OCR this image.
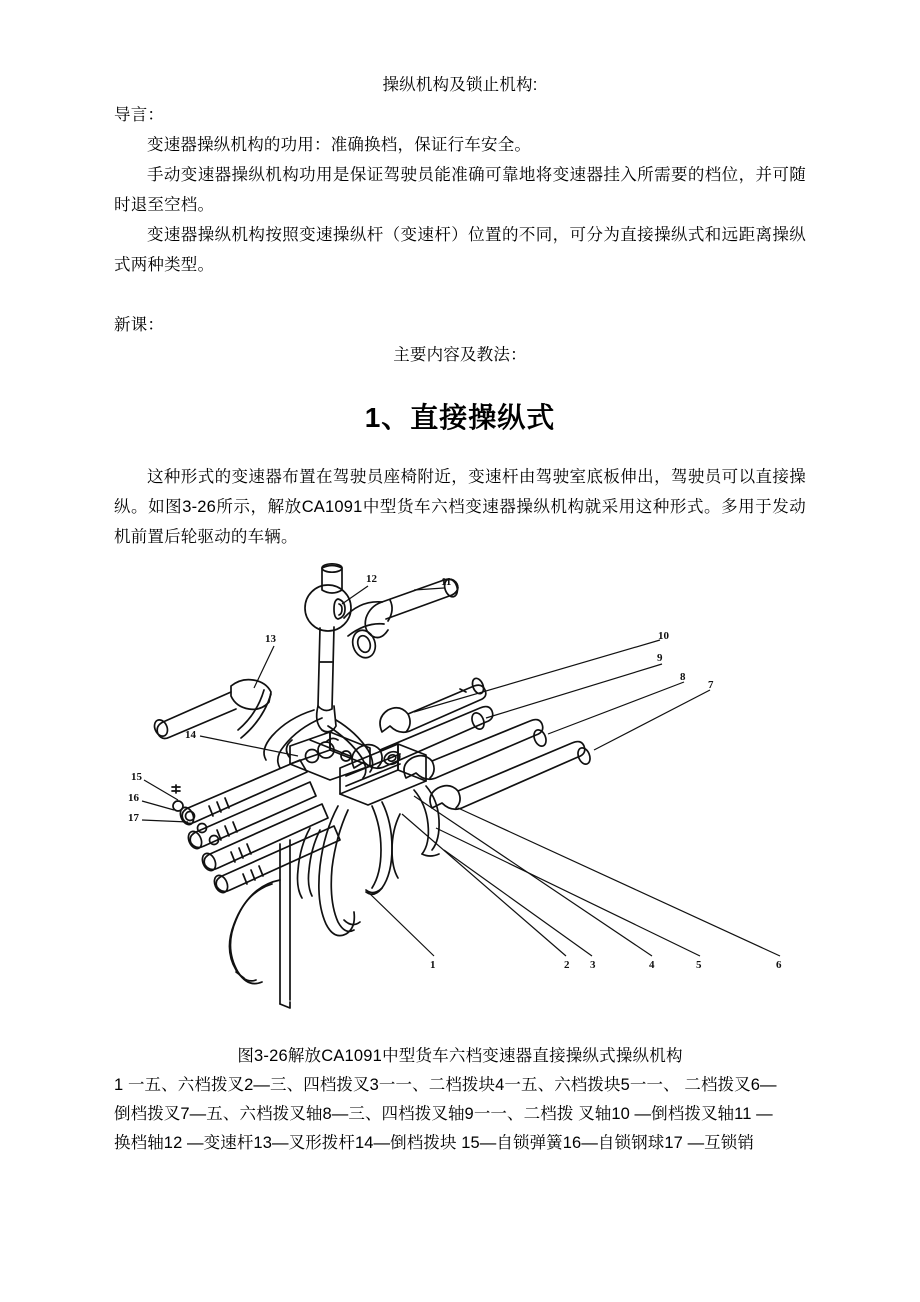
操纵机构及锁止机构:
导言：
变速器操纵机构的功用：准确换档，保证行车安全。
手动变速器操纵机构功用是保证驾驶员能准确可靠地将变速器挂入所需要的档位，并可随时退至空档。
变速器操纵机构按照变速操纵杆（变速杆）位置的不同，可分为直接操纵式和远距离操纵式两种类型。
新课：
主要内容及教法：
1、直接操纵式
这种形式的变速器布置在驾驶员座椅附近，变速杆由驾驶室底板伸出，驾驶员可以直接操纵。如图3-26所示，解放CA1091中型货车六档变速器操纵机构就采用这种形式。多用于发动机前置后轮驱动的车辆。
1	2 3	4	5	6
7
8
9
10
11
12
13
14
15
16
17
图3-26解放CA1091中型货车六档变速器直接操纵式操纵机构
1 一五、六档拨叉2—三、四档拨叉3一一、二档拨块4一五、六档拨块5一一、 二档拨叉6—
倒档拨叉7—五、六档拨叉轴8—三、四档拨叉轴9一一、二档拨 叉轴10 —倒档拨叉轴11 —
换档轴12 —变速杆13—叉形拨杆14—倒档拨块 15—自锁弹簧16—自锁钢球17 —互锁销
